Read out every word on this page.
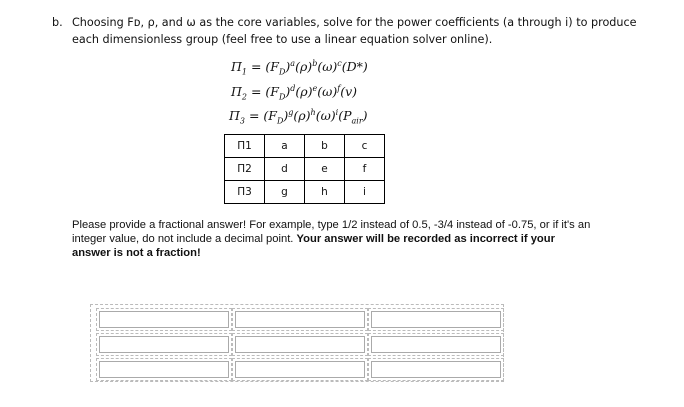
b. Choosing Fᴅ, ρ, and ω as the core variables, solve for the power coefficients (a through i) to produce each dimensionless group (feel free to use a linear equation solver online).
$\Pi_1 = (F_D)^a(\rho)^b(\omega)^c(D*)$
$\Pi_2 = (F_D)^d(\rho)^e(\omega)^f(v)$
$\Pi_3 = (F_D)^g(\rho)^h(\omega)^i(P_{air})$
Π1	a	b	c
Π2	d	e	f
Π3	g	h	i
Please provide a fractional answer! For example, type 1/2 instead of 0.5, -3/4 instead of -0.75, or if it's an integer value, do not include a decimal point. Your answer will be recorded as incorrect if your answer is not a fraction!
